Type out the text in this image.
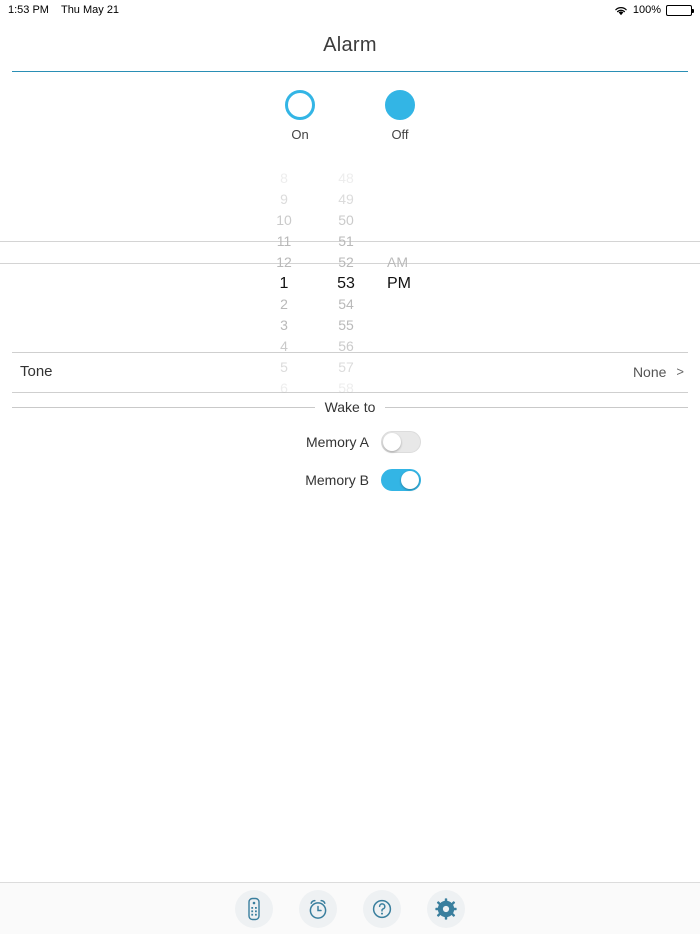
1:53 PM Thu May 21	100%
Alarm
On	Off
8
9
10
11
12
1
2
3
4
5
6
48
49
50
51
52
53
54
55
56
57
58
AM
PM
Tone	None >
Wake to
Memory A
Memory B
